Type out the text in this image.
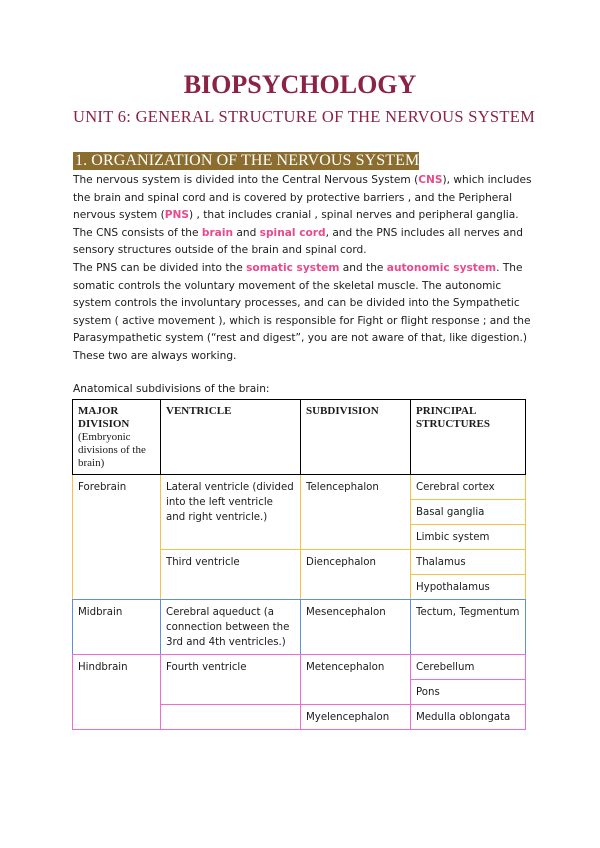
BIOPSYCHOLOGY
UNIT 6: GENERAL STRUCTURE OF THE NERVOUS SYSTEM
1. ORGANIZATION OF THE NERVOUS SYSTEM
The nervous system is divided into the Central Nervous System (CNS), which includes the brain and spinal cord and is covered by protective barriers , and the Peripheral nervous system (PNS) , that includes cranial , spinal nerves and peripheral ganglia. The CNS consists of the brain and spinal cord, and the PNS includes all nerves and sensory structures outside of the brain and spinal cord.
The PNS can be divided into the somatic system and the autonomic system. The somatic controls the voluntary movement of the skeletal muscle. The autonomic system controls the involuntary processes, and can be divided into the Sympathetic system ( active movement ), which is responsible for Fight or flight response ; and the Parasympathetic system (“rest and digest”, you are not aware of that, like digestion.) These two are always working.
Anatomical subdivisions of the brain:
MAJOR DIVISION
(Embryonic divisions of the brain)	VENTRICLE	SUBDIVISION	PRINCIPAL STRUCTURES
Forebrain	Lateral ventricle (divided into the left ventricle and right ventricle.)	Telencephalon	Cerebral cortex
			Basal ganglia
			Limbic system
	Third ventricle	Diencephalon	Thalamus
			Hypothalamus
Midbrain	Cerebral aqueduct (a connection between the 3rd and 4th ventricles.)	Mesencephalon	Tectum, Tegmentum
Hindbrain	Fourth ventricle	Metencephalon	Cerebellum
			Pons
		Myelencephalon	Medulla oblongata
